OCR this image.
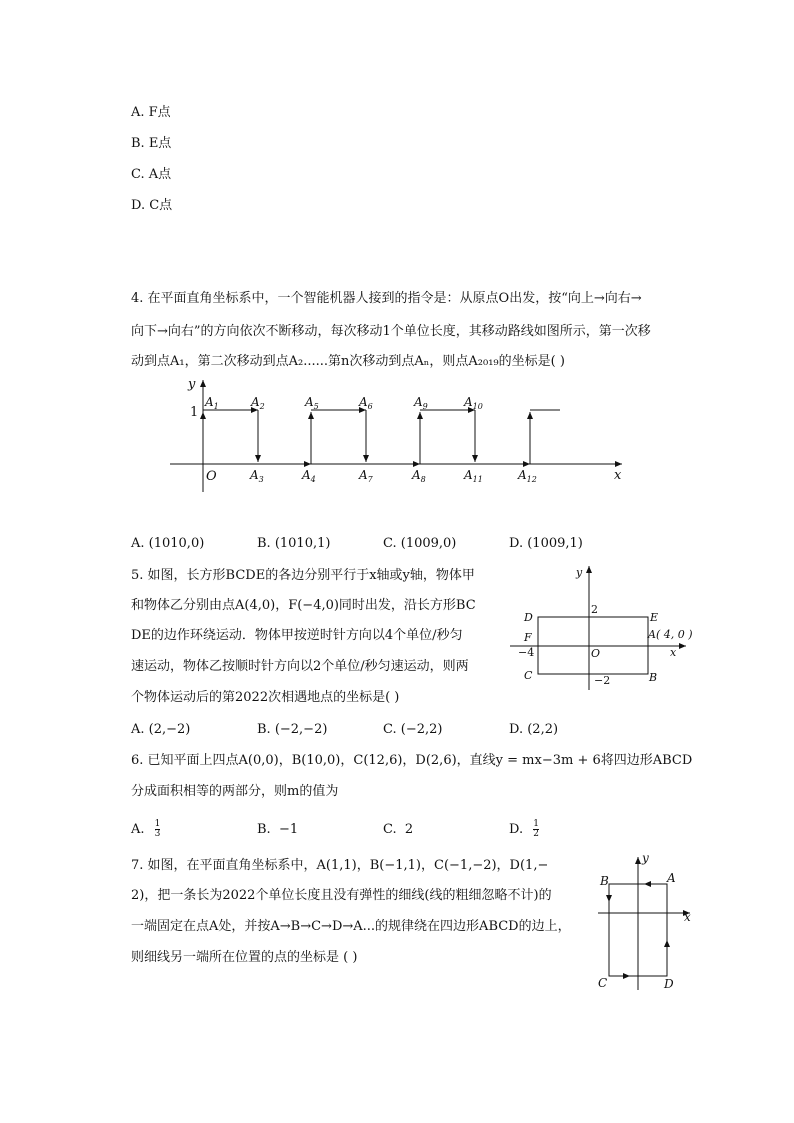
A. F点
B. E点
C. A点
D. C点
4. 在平面直角坐标系中，一个智能机器人接到的指令是：从原点O出发，按“向上→向右→
向下→向右”的方向依次不断移动，每次移动1个单位长度，其移动路线如图所示，第一次移
动到点A₁，第二次移动到点A₂......第n次移动到点Aₙ，则点A₂₀₁₉的坐标是( )
y
x
O
1
$A_1$	$A_2$	$A_5$	$A_6$	$A_9$	$A_{10}$
$A_3$	$A_4$	$A_7$	$A_8$	$A_{11}$	$A_{12}$
y
x
O
D	E
F	A( 4, 0 )
C	B
2
−4
−2
y
x
A
B
C	D
A. (1010,0)	B. (1010,1)	C. (1009,0)	D. (1009,1)
5. 如图，长方形BCDE的各边分别平行于x轴或y轴，物体甲
和物体乙分别由点A(4,0)，F(−4,0)同时出发，沿长方形BC
DE的边作环绕运动．物体甲按逆时针方向以4个单位/秒匀
速运动，物体乙按顺时针方向以2个单位/秒匀速运动，则两
个物体运动后的第2022次相遇地点的坐标是( )
A. (2,−2)	B. (−2,−2)	C. (−2,2)	D. (2,2)
6. 已知平面上四点A(0,0)，B(10,0)，C(12,6)，D(2,6)，直线y = mx−3m + 6将四边形ABCD
分成面积相等的两部分，则m的值为
A. $\frac{1}{3}$	B. −1	C. 2	D. $\frac{1}{2}$
7. 如图，在平面直角坐标系中，A(1,1)，B(−1,1)，C(−1,−2)，D(1,−
2)，把一条长为2022个单位长度且没有弹性的细线(线的粗细忽略不计)的
一端固定在点A处，并按A→B→C→D→A...的规律绕在四边形ABCD的边上，
则细线另一端所在位置的点的坐标是 ( )
